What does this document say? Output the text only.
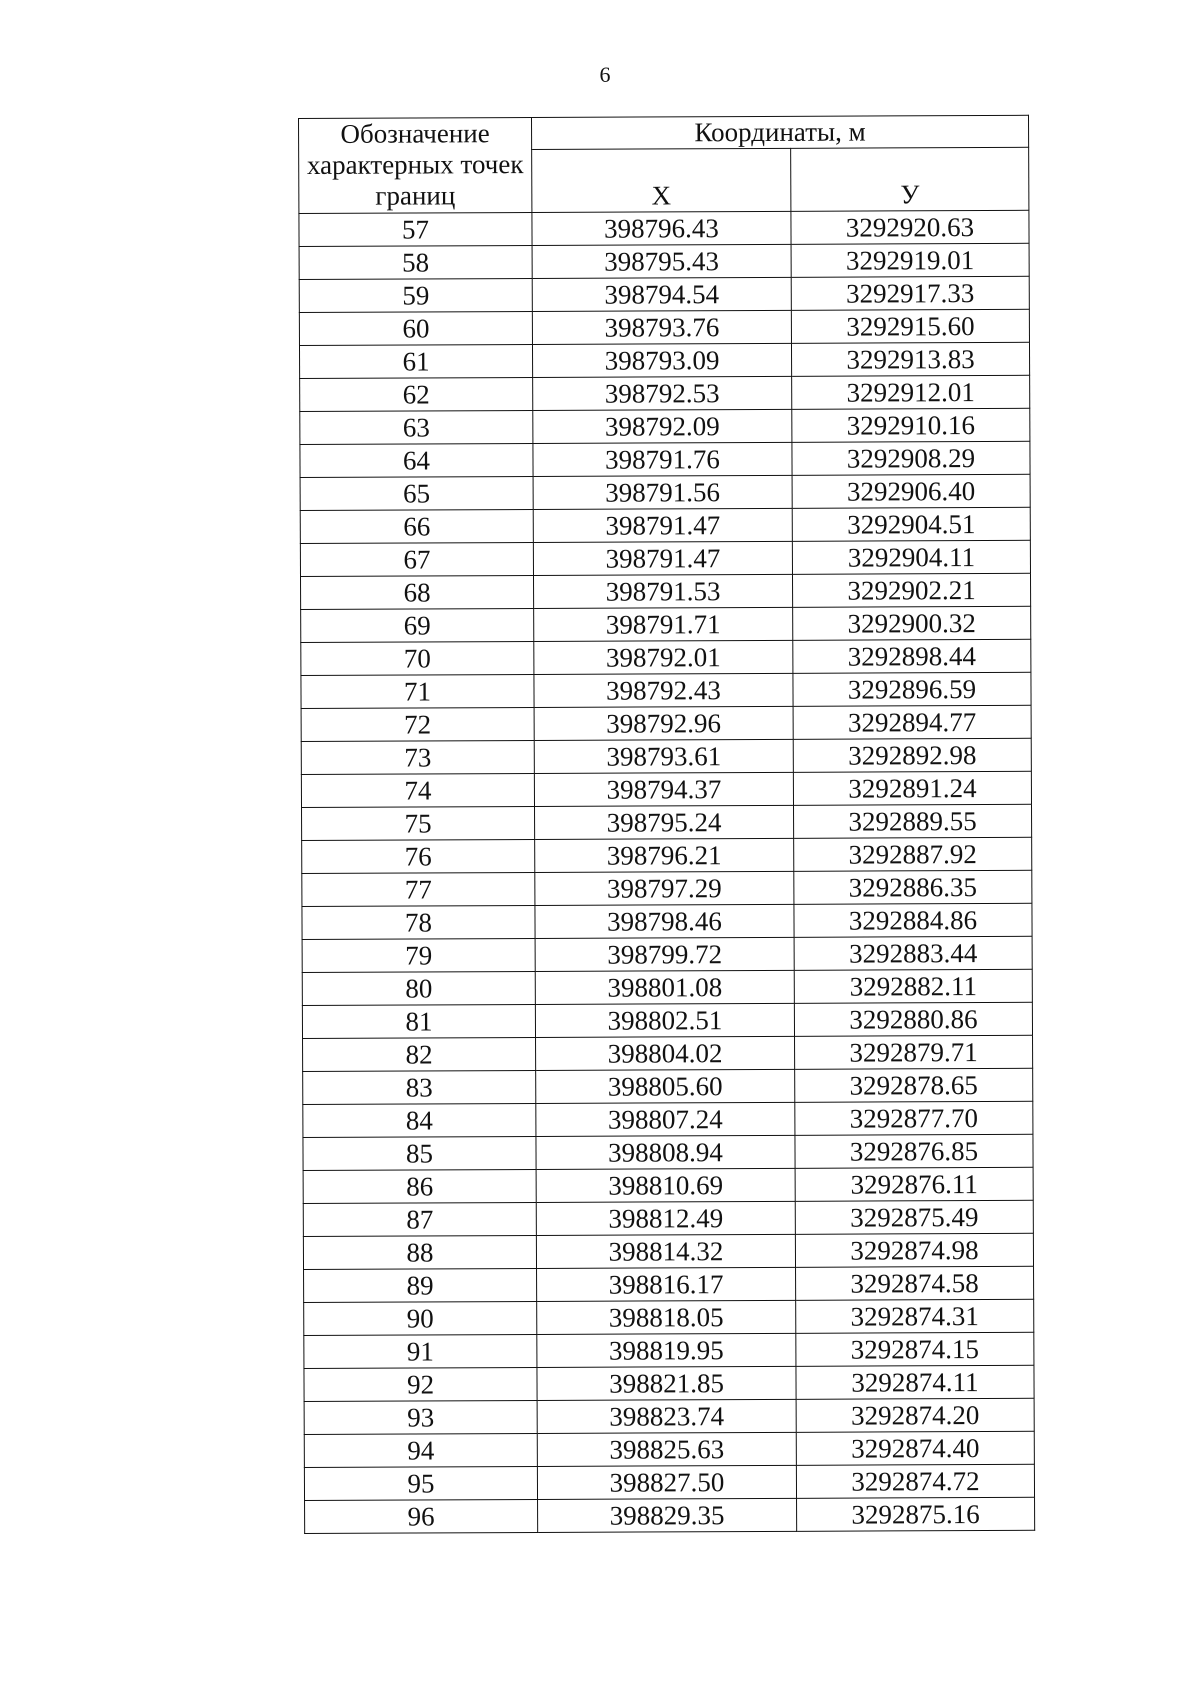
6
Обозначение характерных точек границ	Координаты, м	
	Х	У
57	398796.43	3292920.63
58	398795.43	3292919.01
59	398794.54	3292917.33
60	398793.76	3292915.60
61	398793.09	3292913.83
62	398792.53	3292912.01
63	398792.09	3292910.16
64	398791.76	3292908.29
65	398791.56	3292906.40
66	398791.47	3292904.51
67	398791.47	3292904.11
68	398791.53	3292902.21
69	398791.71	3292900.32
70	398792.01	3292898.44
71	398792.43	3292896.59
72	398792.96	3292894.77
73	398793.61	3292892.98
74	398794.37	3292891.24
75	398795.24	3292889.55
76	398796.21	3292887.92
77	398797.29	3292886.35
78	398798.46	3292884.86
79	398799.72	3292883.44
80	398801.08	3292882.11
81	398802.51	3292880.86
82	398804.02	3292879.71
83	398805.60	3292878.65
84	398807.24	3292877.70
85	398808.94	3292876.85
86	398810.69	3292876.11
87	398812.49	3292875.49
88	398814.32	3292874.98
89	398816.17	3292874.58
90	398818.05	3292874.31
91	398819.95	3292874.15
92	398821.85	3292874.11
93	398823.74	3292874.20
94	398825.63	3292874.40
95	398827.50	3292874.72
96	398829.35	3292875.16
